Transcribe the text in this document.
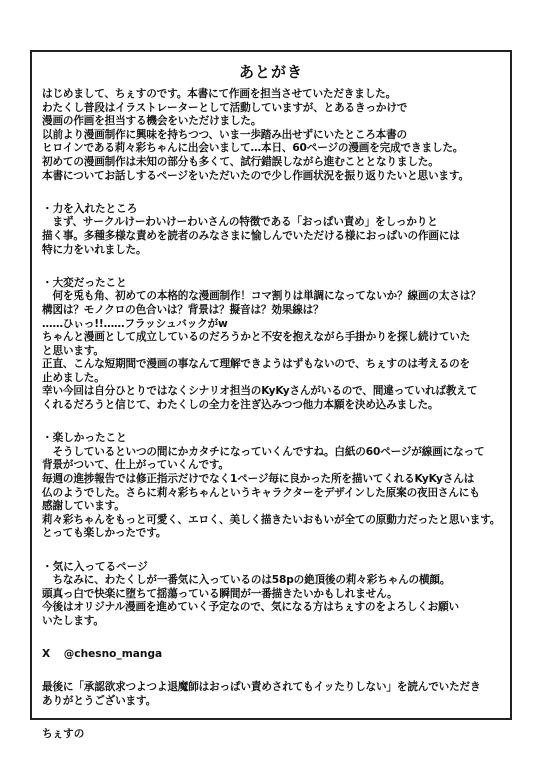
あとがき
はじめまして、ちぇすのです。本書にて作画を担当させていただきました。
わたくし普段はイラストレーターとして活動していますが、とあるきっかけで
漫画の作画を担当する機会をいただけました。
以前より漫画制作に興味を持ちつつ、いま一歩踏み出せずにいたところ本書の
ヒロインである莉々彩ちゃんに出会いまして…本日、60ページの漫画を完成できました。
初めての漫画制作は未知の部分も多くて、試行錯誤しながら進むこととなりました。
本書についてお話しするページをいただいたので少し作画状況を振り返りたいと思います。
・力を入れたところ
　まず、サークルけーわいけーわいさんの特徴である「おっぱい責め」をしっかりと
描く事。多種多様な責めを読者のみなさまに愉しんでいただける様におっぱいの作画には
特に力をいれました。
・大変だったこと
　何を兎も角、初めての本格的な漫画制作！コマ割りは単調になってないか？線画の太さは？
構図は？モノクロの色合いは？背景は？擬音は？効果線は？
……ひぃっ!!……フラッシュバックがw
ちゃんと漫画として成立しているのだろうかと不安を抱えながら手掛かりを探し続けていた
と思います。
正直、こんな短期間で漫画の事なんて理解できようはずもないので、ちぇすのは考えるのを
止めました。
幸い今回は自分ひとりではなくシナリオ担当のKyKyさんがいるので、間違っていれば教えて
くれるだろうと信じて、わたくしの全力を注ぎ込みつつ他力本願を決め込みました。
・楽しかったこと
　そうしているといつの間にかカタチになっていくんですね。白紙の60ページが線画になって
背景がついて、仕上がっていくんです。
毎週の進捗報告では修正指示だけでなく1ページ毎に良かった所を描いてくれるKyKyさんは
仏のようでした。さらに莉々彩ちゃんというキャラクターをデザインした原案の夜田さんにも
感謝しています。
莉々彩ちゃんをもっと可愛く、エロく、美しく描きたいおもいが全ての原動力だったと思います。
とっても楽しかったです。
・気に入ってるページ
　ちなみに、わたくしが一番気に入っているのは58pの絶頂後の莉々彩ちゃんの横顔。
頭真っ白で快楽に堕ちて揺蕩っている瞬間が一番描きたいかもしれません。
今後はオリジナル漫画を進めていく予定なので、気になる方はちぇすのをよろしくお願い
いたします。
X @chesno_manga
最後に「承認欲求つよつよ退魔師はおっぱい責めされてもイッたりしない」を読んでいただき
ありがとうございます。
ちぇすの
